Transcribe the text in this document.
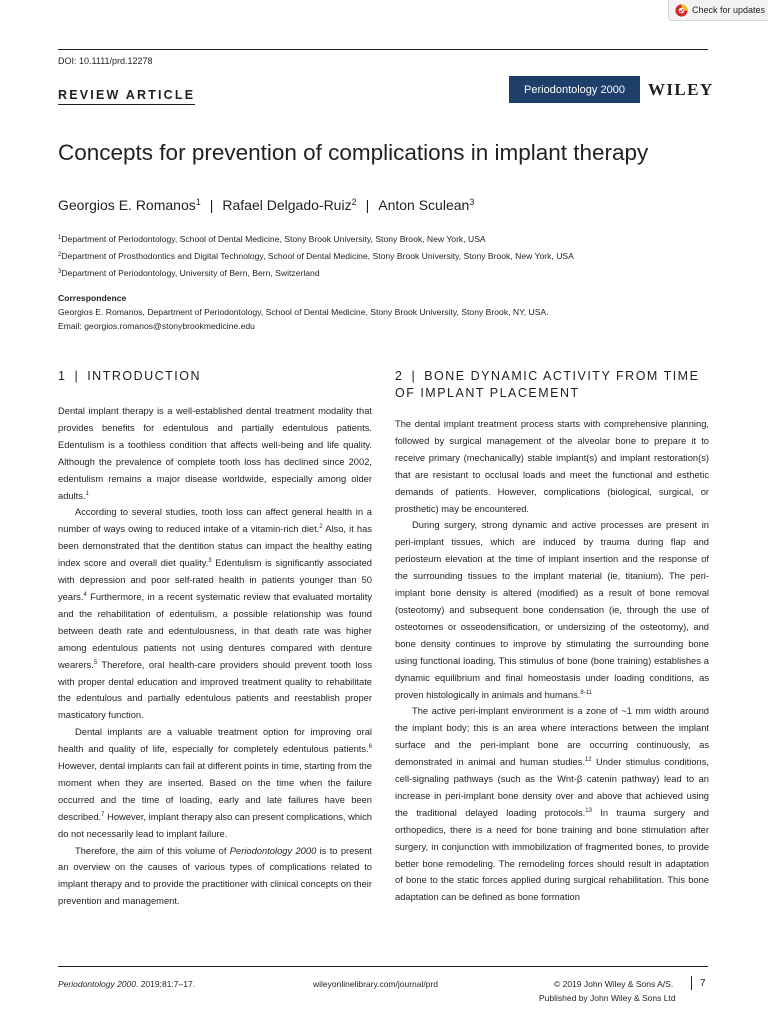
Check for updates
DOI: 10.1111/prd.12278
REVIEW ARTICLE	Periodontology 2000	WILEY
Concepts for prevention of complications in implant therapy
Georgios E. Romanos$^1$ | Rafael Delgado-Ruiz$^2$ | Anton Sculean$^3$
$^1$Department of Periodontology, School of Dental Medicine, Stony Brook University, Stony Brook, New York, USA
$^2$Department of Prosthodontics and Digital Technology, School of Dental Medicine, Stony Brook University, Stony Brook, New York, USA
$^3$Department of Periodontology, University of Bern, Bern, Switzerland
Correspondence
Georgios E. Romanos, Department of Periodontology, School of Dental Medicine, Stony Brook University, Stony Brook, NY, USA.
Email: georgios.romanos@stonybrookmedicine.edu
1 | INTRODUCTION

Dental implant therapy is a well-established dental treatment modality that provides benefits for edentulous and partially edentulous patients. Edentulism is a toothless condition that affects well-being and life quality. Although the prevalence of complete tooth loss has declined since 2002, edentulism remains a major disease worldwide, especially among older adults.$^1$

According to several studies, tooth loss can affect general health in a number of ways owing to reduced intake of a vitamin-rich diet.$^2$ Also, it has been demonstrated that the dentition status can impact the healthy eating index score and overall diet quality.$^3$ Edentulism is significantly associated with depression and poor self-rated health in patients younger than 50 years.$^4$ Furthermore, in a recent systematic review that evaluated mortality and the rehabilitation of edentulism, a possible relationship was found between death rate and edentulousness, in that death rate was higher among edentulous patients not using dentures compared with denture wearers.$^5$ Therefore, oral health-care providers should prevent tooth loss with proper dental education and improved treatment quality to rehabilitate the edentulous and partially edentulous patients and reestablish proper masticatory function.

Dental implants are a valuable treatment option for improving oral health and quality of life, especially for completely edentulous patients.$^6$ However, dental implants can fail at different points in time, starting from the moment when they are inserted. Based on the time when the failure occurred and the time of loading, early and late failures have been described.$^7$ However, implant therapy also can present complications, which do not necessarily lead to implant failure.

Therefore, the aim of this volume of Periodontology 2000 is to present an overview on the causes of various types of complications related to implant therapy and to provide the practitioner with clinical concepts on their prevention and management.

2 | BONE DYNAMIC ACTIVITY FROM TIME
OF IMPLANT PLACEMENT

The dental implant treatment process starts with comprehensive planning, followed by surgical management of the alveolar bone to prepare it to receive primary (mechanically) stable implant(s) and implant restoration(s) that are resistant to occlusal loads and meet the functional and esthetic demands of patients. However, complications (biological, surgical, or prosthetic) may be encountered.

During surgery, strong dynamic and active processes are present in peri-implant tissues, which are induced by trauma during flap and periosteum elevation at the time of implant insertion and the response of the surrounding tissues to the implant material (ie, titanium). The peri-implant bone density is altered (modified) as a result of bone removal (osteotomy) and subsequent bone condensation (ie, through the use of osteotomes or osseodensification, or undersizing of the osteotomy), and bone density continues to improve by stimulating the surrounding bone using functional loading. This stimulus of bone (bone training) establishes a dynamic equilibrium and final homeostasis under loading conditions, as proven histologically in animals and humans.$^{8-11}$

The active peri-implant environment is a zone of ~1 mm width around the implant body; this is an area where interactions between the implant surface and the peri-implant bone are occurring continuously, as demonstrated in animal and human studies.$^{12}$ Under stimulus conditions, cell-signaling pathways (such as the Wnt-β catenin pathway) lead to an increase in peri-implant bone density over and above that achieved using the traditional delayed loading protocols.$^{13}$ In trauma surgery and orthopedics, there is a need for bone training and bone stimulation after surgery, in conjunction with immobilization of fragmented bones, to provide better bone remodeling. The remodeling forces should result in adaptation of bone to the static forces applied during surgical rehabilitation. This bone adaptation can be defined as bone formation

Periodontology 2000. 2019;81:7–17.	wileyonlinelibrary.com/journal/prd	© 2019 John Wiley & Sons A/S.
Published by John Wiley & Sons Ltd
7
